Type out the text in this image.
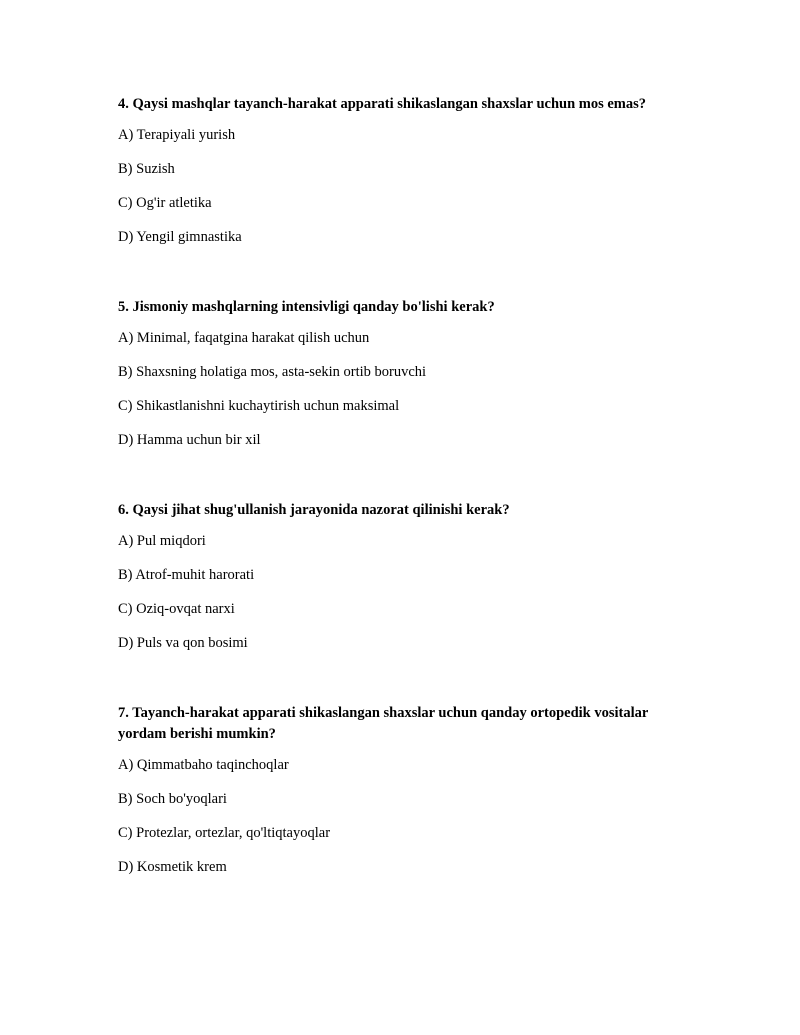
4. Qaysi mashqlar tayanch-harakat apparati shikaslangan shaxslar uchun mos emas?
A) Terapiyali yurish
B) Suzish
C) Og'ir atletika
D) Yengil gimnastika
5. Jismoniy mashqlarning intensivligi qanday bo'lishi kerak?
A) Minimal, faqatgina harakat qilish uchun
B) Shaxsning holatiga mos, asta-sekin ortib boruvchi
C) Shikastlanishni kuchaytirish uchun maksimal
D) Hamma uchun bir xil
6. Qaysi jihat shug'ullanish jarayonida nazorat qilinishi kerak?
A) Pul miqdori
B) Atrof-muhit harorati
C) Oziq-ovqat narxi
D) Puls va qon bosimi
7. Tayanch-harakat apparati shikaslangan shaxslar uchun qanday ortopedik vositalar yordam berishi mumkin?
A) Qimmatbaho taqinchoqlar
B) Soch bo'yoqlari
C) Protezlar, ortezlar, qo'ltiqtayoqlar
D) Kosmetik krem
